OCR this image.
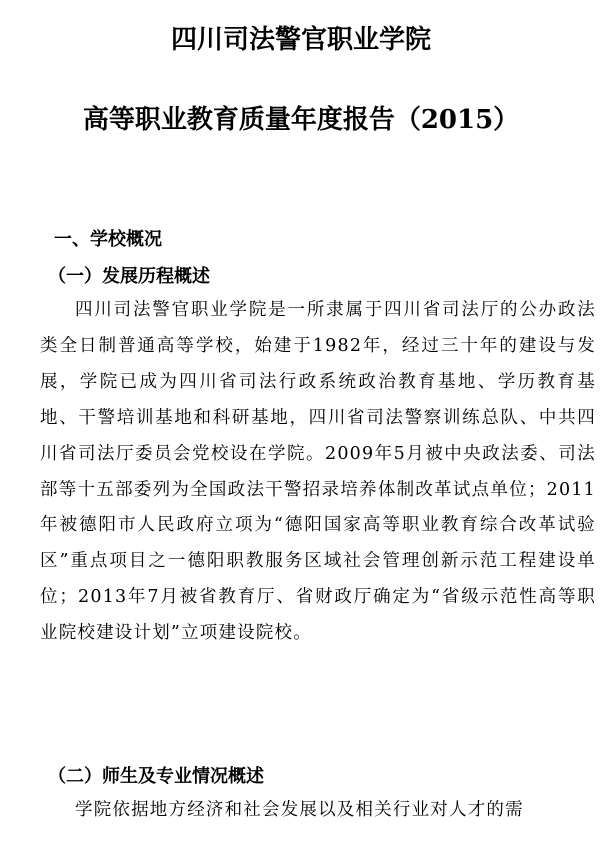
四川司法警官职业学院
高等职业教育质量年度报告（2015）
一、学校概况
（一）发展历程概述

四川司法警官职业学院是一所隶属于四川省司法厅的公办政法类全日制普通高等学校，始建于1982年，经过三十年的建设与发展，学院已成为四川省司法行政系统政治教育基地、学历教育基地、干警培训基地和科研基地，四川省司法警察训练总队、中共四川省司法厅委员会党校设在学院。2009年5月被中央政法委、司法部等十五部委列为全国政法干警招录培养体制改革试点单位；2011年被德阳市人民政府立项为“德阳国家高等职业教育综合改革试验区”重点项目之一德阳职教服务区域社会管理创新示范工程建设单位；2013年7月被省教育厅、省财政厅确定为“省级示范性高等职业院校建设计划”立项建设院校。

（二）师生及专业情况概述

学院依据地方经济和社会发展以及相关行业对人才的需
